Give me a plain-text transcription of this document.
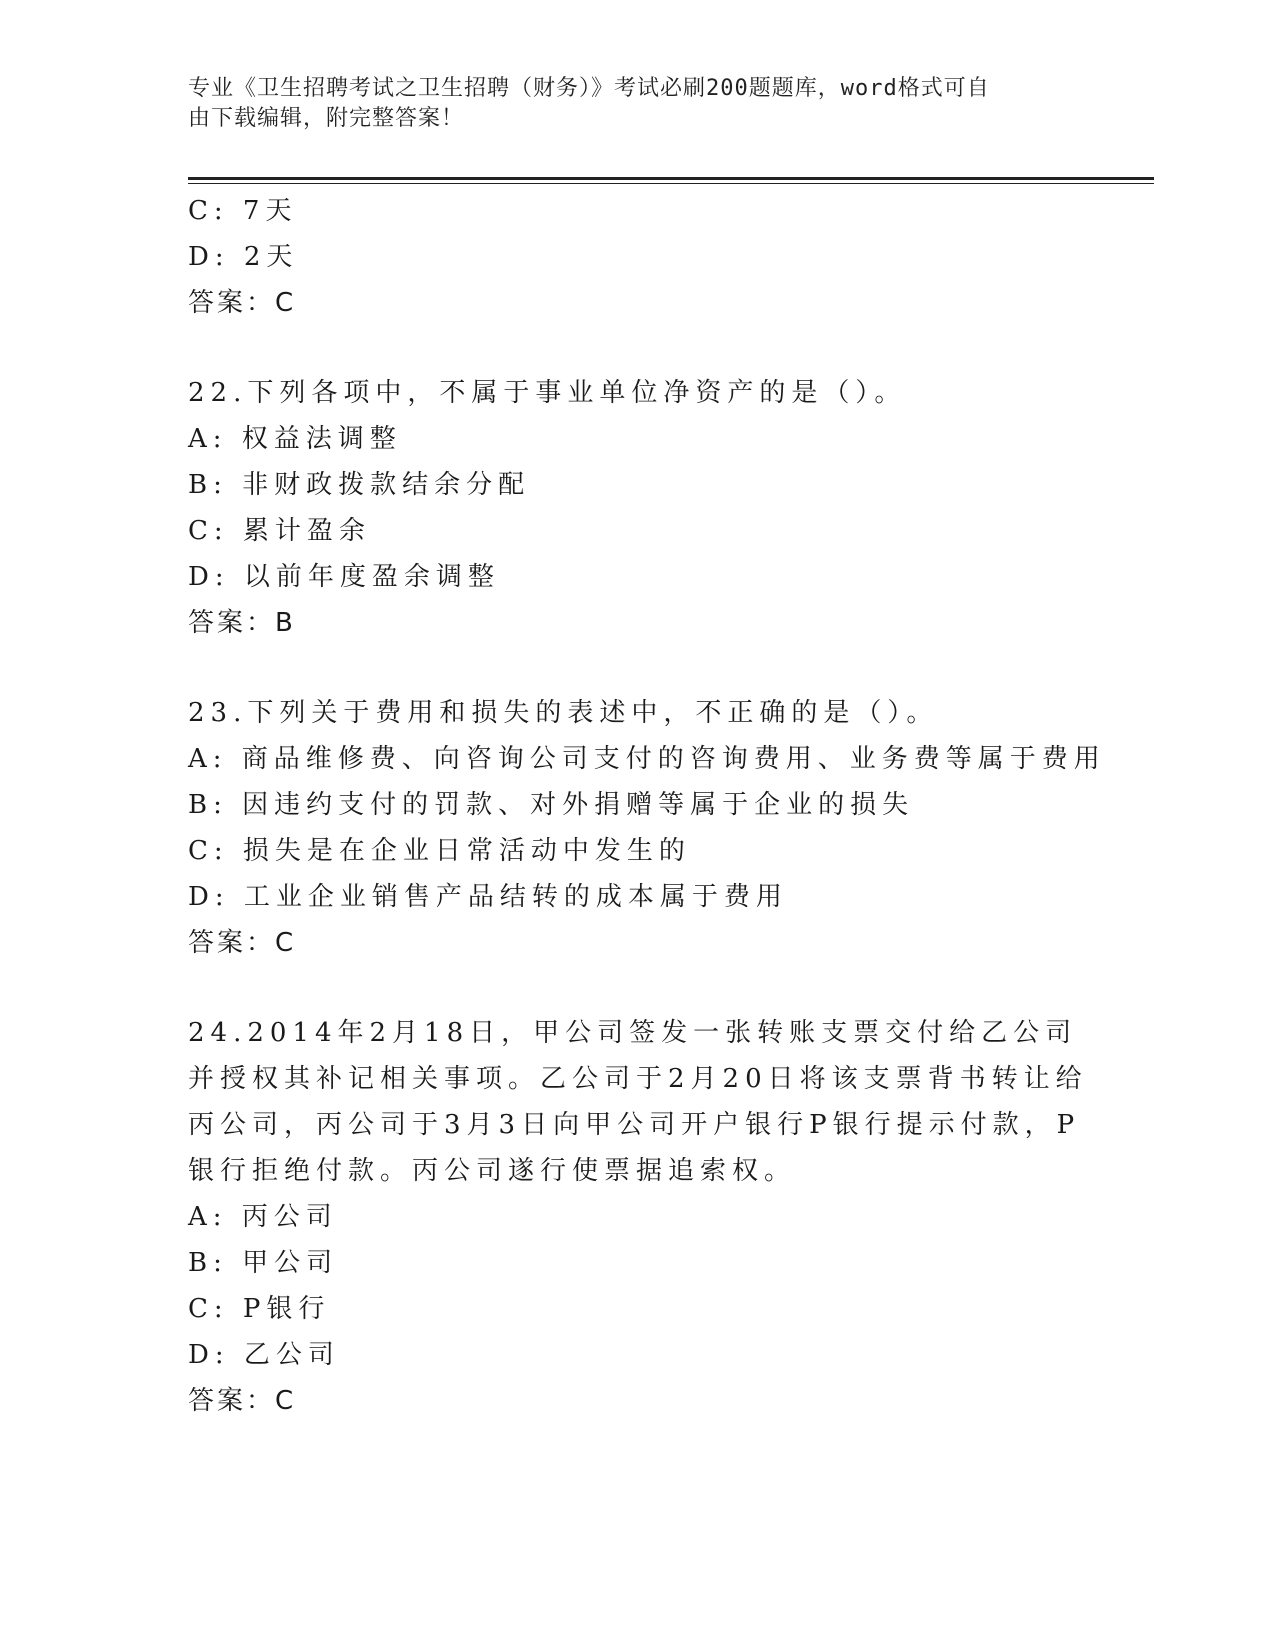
专业《卫生招聘考试之卫生招聘（财务）》考试必刷200题题库，word格式可自
由下载编辑，附完整答案！
C: 7天
D: 2天
答案：C
22.下列各项中，不属于事业单位净资产的是（）。
A: 权益法调整
B: 非财政拨款结余分配
C: 累计盈余
D: 以前年度盈余调整
答案：B
23.下列关于费用和损失的表述中，不正确的是（）。
A: 商品维修费、向咨询公司支付的咨询费用、业务费等属于费用
B: 因违约支付的罚款、对外捐赠等属于企业的损失
C: 损失是在企业日常活动中发生的
D: 工业企业销售产品结转的成本属于费用
答案：C
24.2014年2月18日，甲公司签发一张转账支票交付给乙公司并授权其补记相关事项。乙公司于2月20日将该支票背书转让给丙公司，丙公司于3月3日向甲公司开户银行P银行提示付款，P银行拒绝付款。丙公司遂行使票据追索权。
A: 丙公司
B: 甲公司
C: P银行
D: 乙公司
答案：C
